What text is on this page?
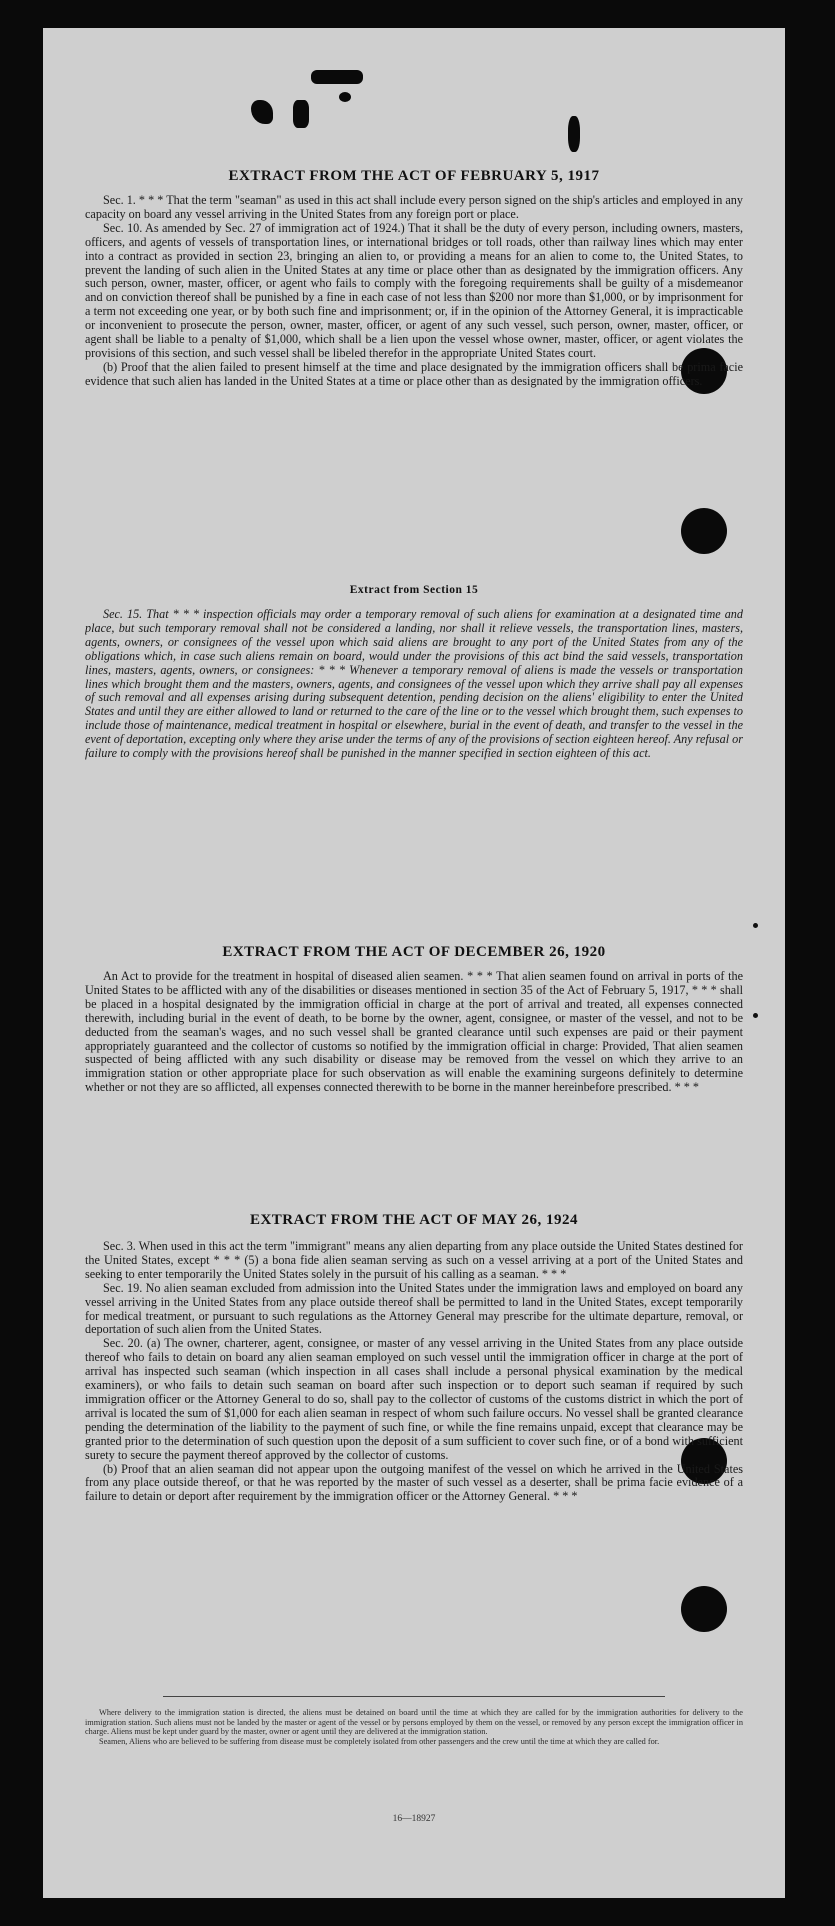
EXTRACT FROM THE ACT OF FEBRUARY 5, 1917

Sec. 1. * * * That the term "seaman" as used in this act shall include every person signed on the ship's articles and employed in any capacity on board any vessel arriving in the United States from any foreign port or place.

Sec. 10. As amended by Sec. 27 of immigration act of 1924.) That it shall be the duty of every person, including owners, masters, officers, and agents of vessels of transportation lines, or international bridges or toll roads, other than railway lines which may enter into a contract as provided in section 23, bringing an alien to, or providing a means for an alien to come to, the United States, to prevent the landing of such alien in the United States at any time or place other than as designated by the immigration officers. Any such person, owner, master, officer, or agent who fails to comply with the foregoing requirements shall be guilty of a misdemeanor and on conviction thereof shall be punished by a fine in each case of not less than $200 nor more than $1,000, or by imprisonment for a term not exceeding one year, or by both such fine and imprisonment; or, if in the opinion of the Attorney General, it is impracticable or inconvenient to prosecute the person, owner, master, officer, or agent of any such vessel, such person, owner, master, officer, or agent shall be liable to a penalty of $1,000, which shall be a lien upon the vessel whose owner, master, officer, or agent violates the provisions of this section, and such vessel shall be libeled therefor in the appropriate United States court.

(b) Proof that the alien failed to present himself at the time and place designated by the immigration officers shall be prima facie evidence that such alien has landed in the United States at a time or place other than as designated by the immigration officers.

Extract from Section 15

Sec. 15. That * * * inspection officials may order a temporary removal of such aliens for examination at a designated time and place, but such temporary removal shall not be considered a landing, nor shall it relieve vessels, the transportation lines, masters, agents, owners, or consignees of the vessel upon which said aliens are brought to any port of the United States from any of the obligations which, in case such aliens remain on board, would under the provisions of this act bind the said vessels, transportation lines, masters, agents, owners, or consignees: * * * Whenever a temporary removal of aliens is made the vessels or transportation lines which brought them and the masters, owners, agents, and consignees of the vessel upon which they arrive shall pay all expenses of such removal and all expenses arising during subsequent detention, pending decision on the aliens' eligibility to enter the United States and until they are either allowed to land or returned to the care of the line or to the vessel which brought them, such expenses to include those of maintenance, medical treatment in hospital or elsewhere, burial in the event of death, and transfer to the vessel in the event of deportation, excepting only where they arise under the terms of any of the provisions of section eighteen hereof. Any refusal or failure to comply with the provisions hereof shall be punished in the manner specified in section eighteen of this act.

EXTRACT FROM THE ACT OF DECEMBER 26, 1920

An Act to provide for the treatment in hospital of diseased alien seamen. * * * That alien seamen found on arrival in ports of the United States to be afflicted with any of the disabilities or diseases mentioned in section 35 of the Act of February 5, 1917, * * * shall be placed in a hospital designated by the immigration official in charge at the port of arrival and treated, all expenses connected therewith, including burial in the event of death, to be borne by the owner, agent, consignee, or master of the vessel, and not to be deducted from the seaman's wages, and no such vessel shall be granted clearance until such expenses are paid or their payment appropriately guaranteed and the collector of customs so notified by the immigration official in charge: Provided, That alien seamen suspected of being afflicted with any such disability or disease may be removed from the vessel on which they arrive to an immigration station or other appropriate place for such observation as will enable the examining surgeons definitely to determine whether or not they are so afflicted, all expenses connected therewith to be borne in the manner hereinbefore prescribed. * * *

EXTRACT FROM THE ACT OF MAY 26, 1924

Sec. 3. When used in this act the term "immigrant" means any alien departing from any place outside the United States destined for the United States, except * * * (5) a bona fide alien seaman serving as such on a vessel arriving at a port of the United States and seeking to enter temporarily the United States solely in the pursuit of his calling as a seaman. * * *

Sec. 19. No alien seaman excluded from admission into the United States under the immigration laws and employed on board any vessel arriving in the United States from any place outside thereof shall be permitted to land in the United States, except temporarily for medical treatment, or pursuant to such regulations as the Attorney General may prescribe for the ultimate departure, removal, or deportation of such alien from the United States.

Sec. 20. (a) The owner, charterer, agent, consignee, or master of any vessel arriving in the United States from any place outside thereof who fails to detain on board any alien seaman employed on such vessel until the immigration officer in charge at the port of arrival has inspected such seaman (which inspection in all cases shall include a personal physical examination by the medical examiners), or who fails to detain such seaman on board after such inspection or to deport such seaman if required by such immigration officer or the Attorney General to do so, shall pay to the collector of customs of the customs district in which the port of arrival is located the sum of $1,000 for each alien seaman in respect of whom such failure occurs. No vessel shall be granted clearance pending the determination of the liability to the payment of such fine, or while the fine remains unpaid, except that clearance may be granted prior to the determination of such question upon the deposit of a sum sufficient to cover such fine, or of a bond with sufficient surety to secure the payment thereof approved by the collector of customs.

(b) Proof that an alien seaman did not appear upon the outgoing manifest of the vessel on which he arrived in the United States from any place outside thereof, or that he was reported by the master of such vessel as a deserter, shall be prima facie evidence of a failure to detain or deport after requirement by the immigration officer or the Attorney General. * * *

Where delivery to the immigration station is directed, the aliens must be detained on board until the time at which they are called for by the immigration authorities for delivery to the immigration station. Such aliens must not be landed by the master or agent of the vessel or by persons employed by them on the vessel, or removed by any person except the immigration officer in charge. Aliens must be kept under guard by the master, owner or agent until they are delivered at the immigration station.

Seamen, Aliens who are believed to be suffering from disease must be completely isolated from other passengers and the crew until the time at which they are called for.

16—18927
